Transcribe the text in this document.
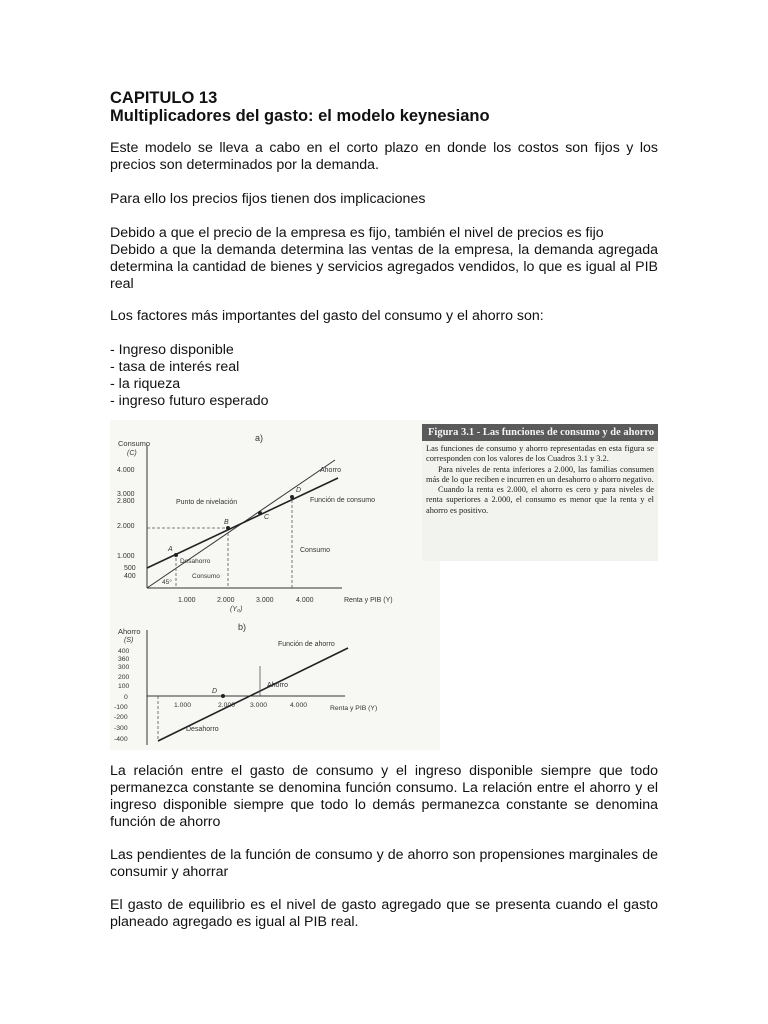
CAPITULO 13
Multiplicadores del gasto: el modelo keynesiano

Este modelo se lleva a cabo en el corto plazo en donde los costos son fijos y los precios son determinados por la demanda.

Para ello los precios fijos tienen dos implicaciones

Debido a que el precio de la empresa es fijo, también el nivel de precios es fijo

Debido a que la demanda determina las ventas de la empresa, la demanda agregada determina la cantidad de bienes y servicios agregados vendidos, lo que es igual al PIB real

Los factores más importantes del gasto del consumo y el ahorro son:

- Ingreso disponible
- tasa de interés real
- la riqueza
- ingreso futuro esperado
a)
Consumo
(C)
4.000
3.000
2.800
2.000
1.000
500
400
1.000	2.000	3.000	4.000
(Y₀)
Renta y PIB (Y)
A
B
C
D
Ahorro
Función de consumo
Punto de nivelación
Consumo
Desahorro
Consumo
45°
b)
Ahorro
(S)
400
360
300
200
100
0
-100
-200
-300
-400
1.000	2.000 3.000	4.000	Renta y PIB (Y)
D
Función de ahorro
Ahorro
Desahorro
Figura 3.1 - Las funciones de consumo y de ahorro

Las funciones de consumo y ahorro representadas en esta figura se corresponden con los valores de los Cuadros 3.1 y 3.2.

Para niveles de renta inferiores a 2.000, las familias consumen más de lo que reciben e incurren en un desahorro o ahorro negativo.

Cuando la renta es 2.000, el ahorro es cero y para niveles de renta superiores a 2.000, el consumo es menor que la renta y el ahorro es positivo.

La relación entre el gasto de consumo y el ingreso disponible siempre que todo permanezca constante se denomina función consumo. La relación entre el ahorro y el ingreso disponible siempre que todo lo demás permanezca constante se denomina función de ahorro

Las pendientes de la función de consumo y de ahorro son propensiones marginales de consumir y ahorrar

El gasto de equilibrio es el nivel de gasto agregado que se presenta cuando el gasto planeado agregado es igual al PIB real.
